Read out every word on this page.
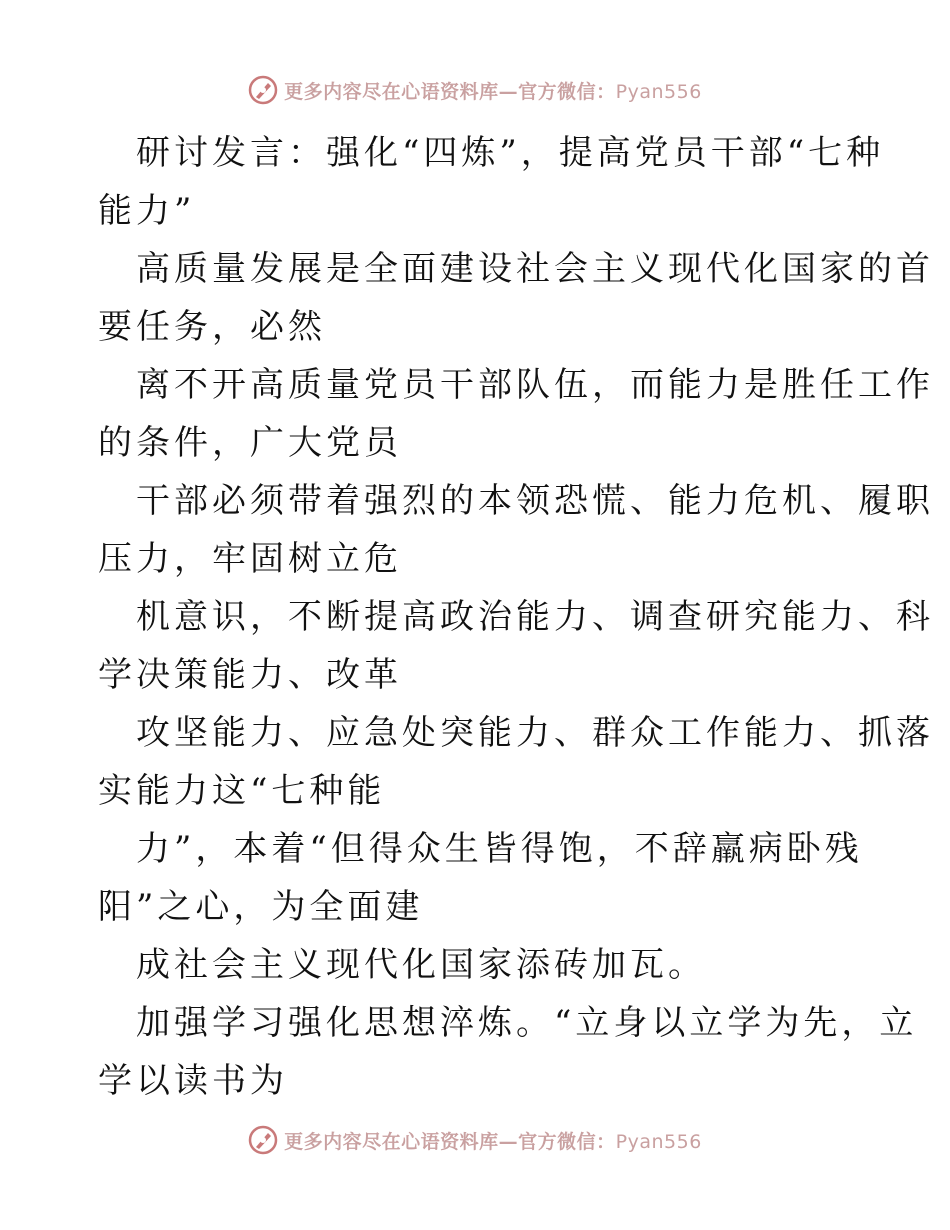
更多内容尽在心语资料库—官方微信：Pyan556
研讨发言：强化“四炼”，提高党员干部“七种
能力”
高质量发展是全面建设社会主义现代化国家的首
要任务，必然
离不开高质量党员干部队伍，而能力是胜任工作
的条件，广大党员
干部必须带着强烈的本领恐慌、能力危机、履职
压力，牢固树立危
机意识，不断提高政治能力、调查研究能力、科
学决策能力、改革
攻坚能力、应急处突能力、群众工作能力、抓落
实能力这“七种能
力”，本着“但得众生皆得饱，不辞羸病卧残
阳”之心，为全面建
成社会主义现代化国家添砖加瓦。
加强学习强化思想淬炼。“立身以立学为先，立
学以读书为
更多内容尽在心语资料库—官方微信：Pyan556
